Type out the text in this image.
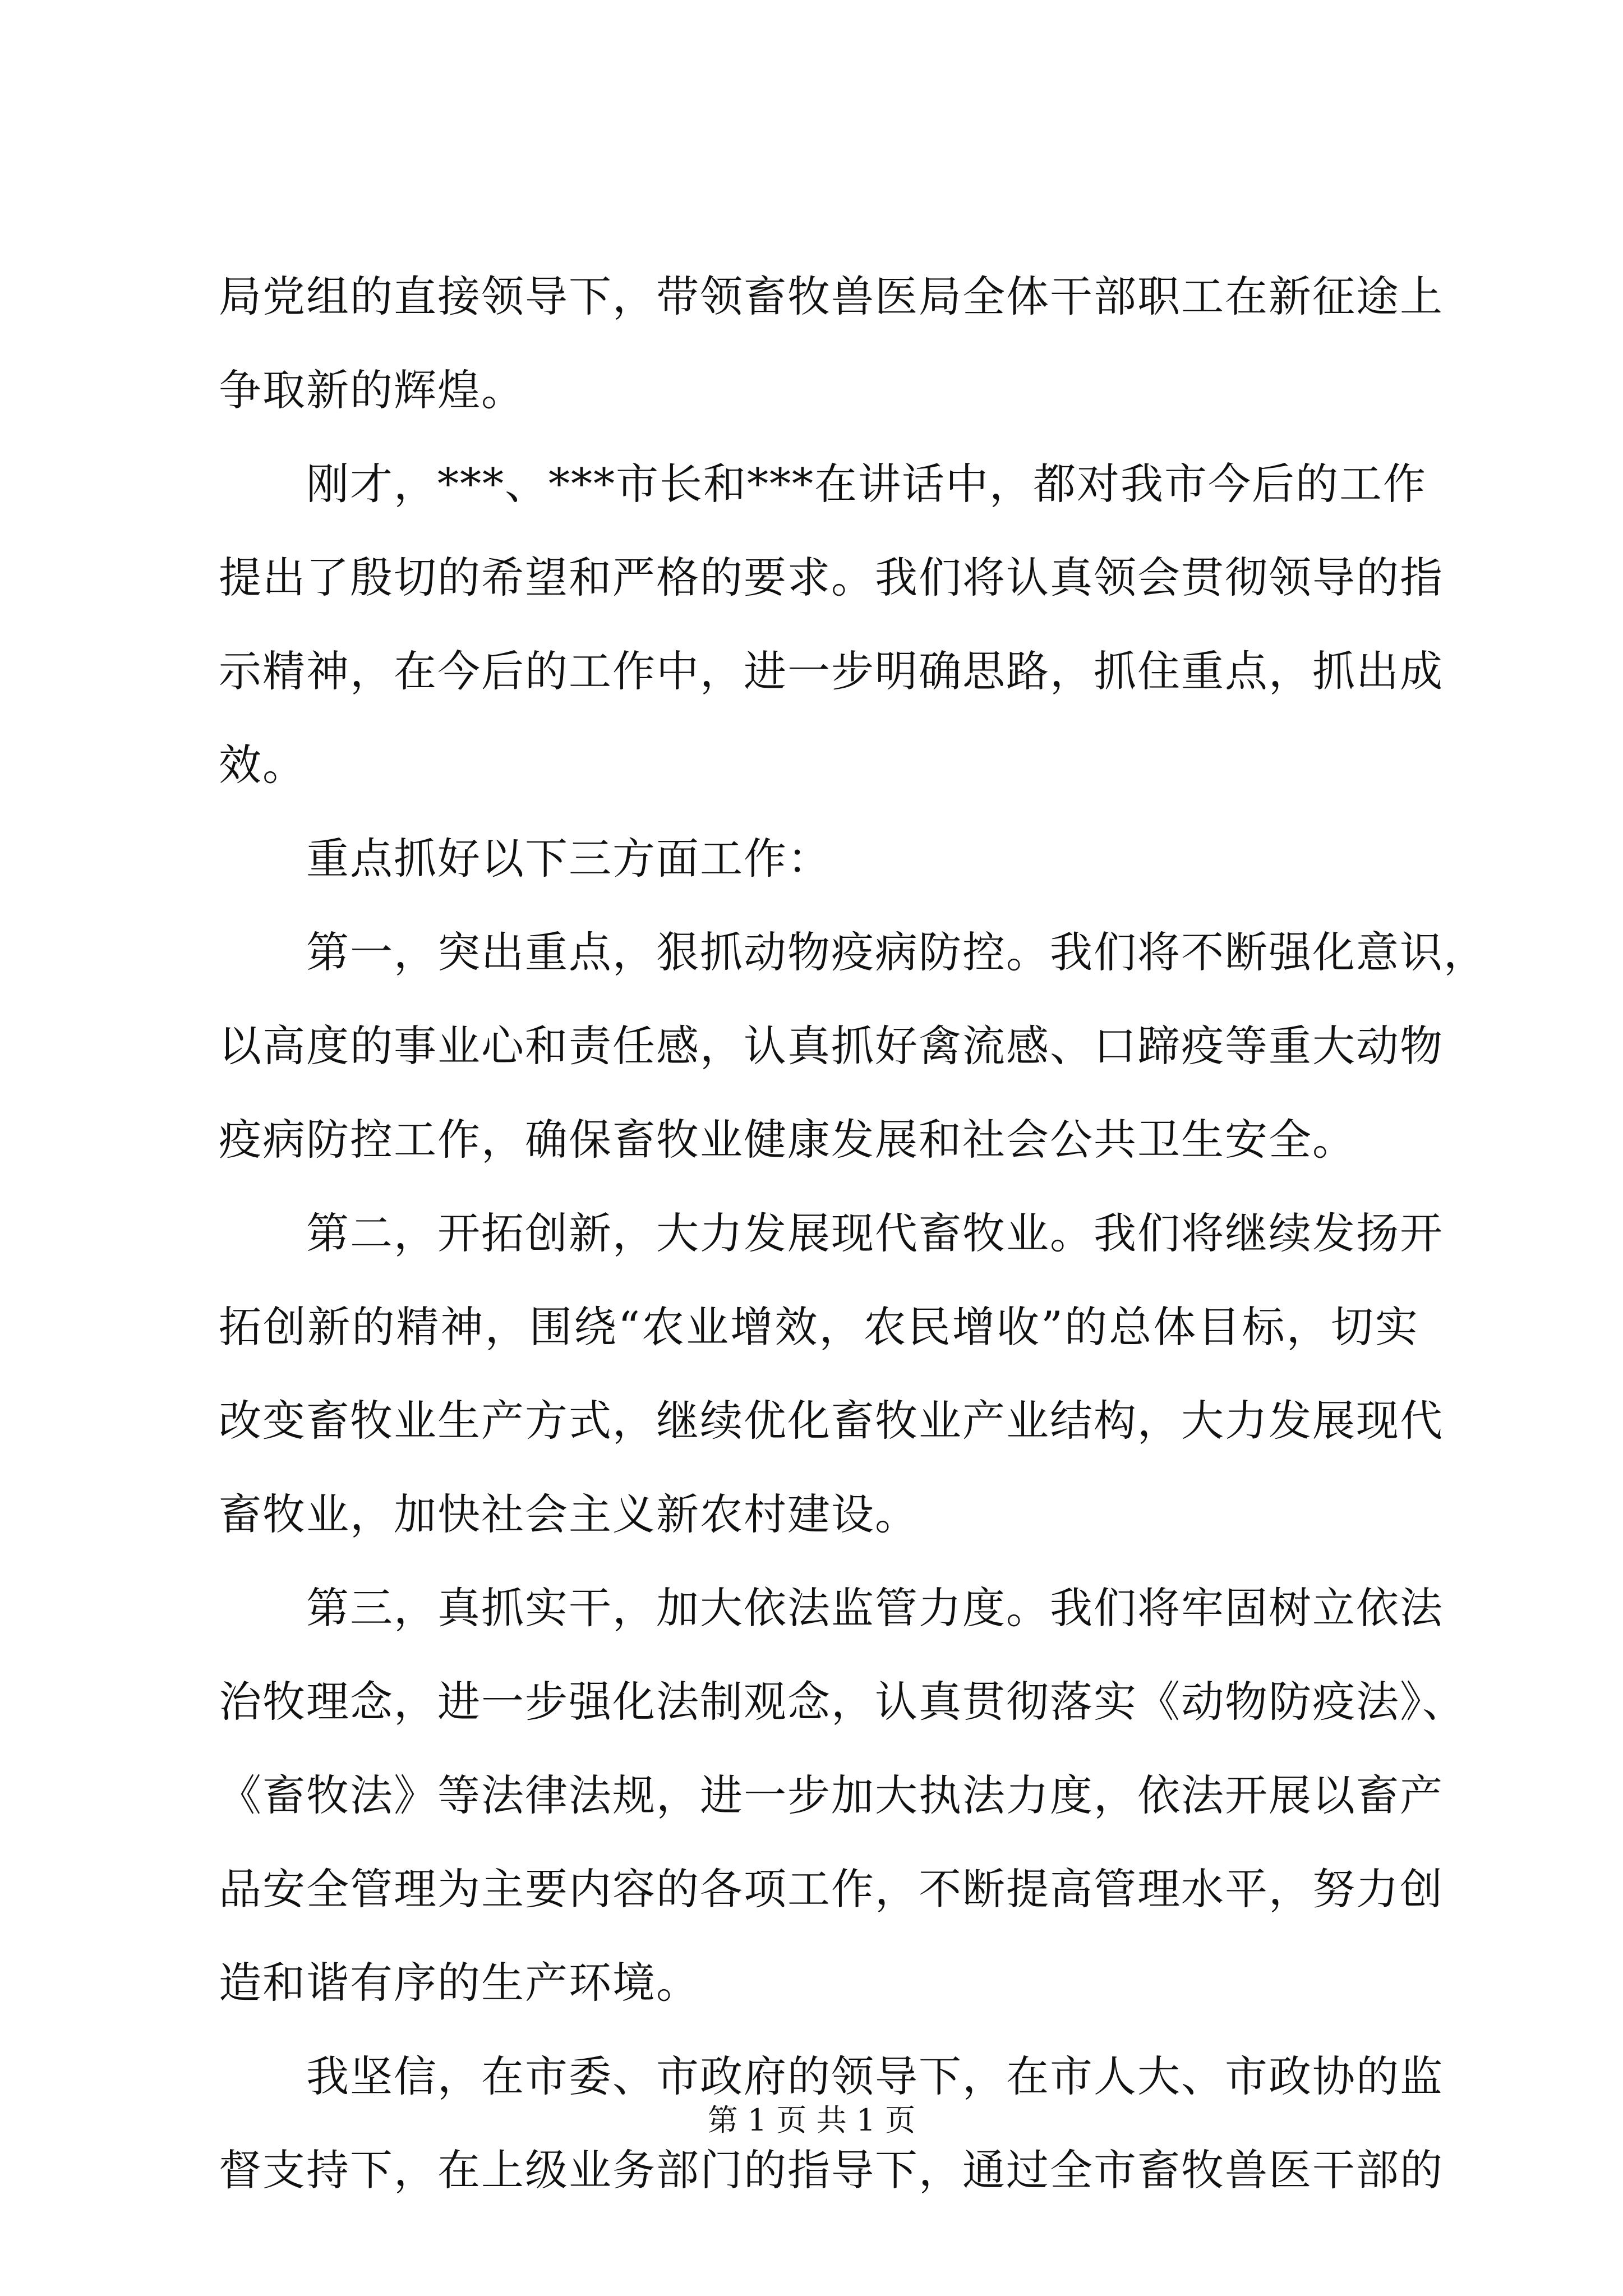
局党组的直接领导下，带领畜牧兽医局全体干部职工在新征途上
争取新的辉煌。
刚才，***、***市长和***在讲话中，都对我市今后的工作
提出了殷切的希望和严格的要求。我们将认真领会贯彻领导的指
示精神，在今后的工作中，进一步明确思路，抓住重点，抓出成
效。
重点抓好以下三方面工作：
第一，突出重点，狠抓动物疫病防控。我们将不断强化意识，
以高度的事业心和责任感，认真抓好禽流感、口蹄疫等重大动物
疫病防控工作，确保畜牧业健康发展和社会公共卫生安全。
第二，开拓创新，大力发展现代畜牧业。我们将继续发扬开
拓创新的精神，围绕“农业增效，农民增收”的总体目标，切实
改变畜牧业生产方式，继续优化畜牧业产业结构，大力发展现代
畜牧业，加快社会主义新农村建设。
第三，真抓实干，加大依法监管力度。我们将牢固树立依法
治牧理念，进一步强化法制观念，认真贯彻落实《动物防疫法》、
《畜牧法》等法律法规，进一步加大执法力度，依法开展以畜产
品安全管理为主要内容的各项工作，不断提高管理水平，努力创
造和谐有序的生产环境。
我坚信，在市委、市政府的领导下，在市人大、市政协的监
督支持下，在上级业务部门的指导下，通过全市畜牧兽医干部的
第 1 页 共 1 页
